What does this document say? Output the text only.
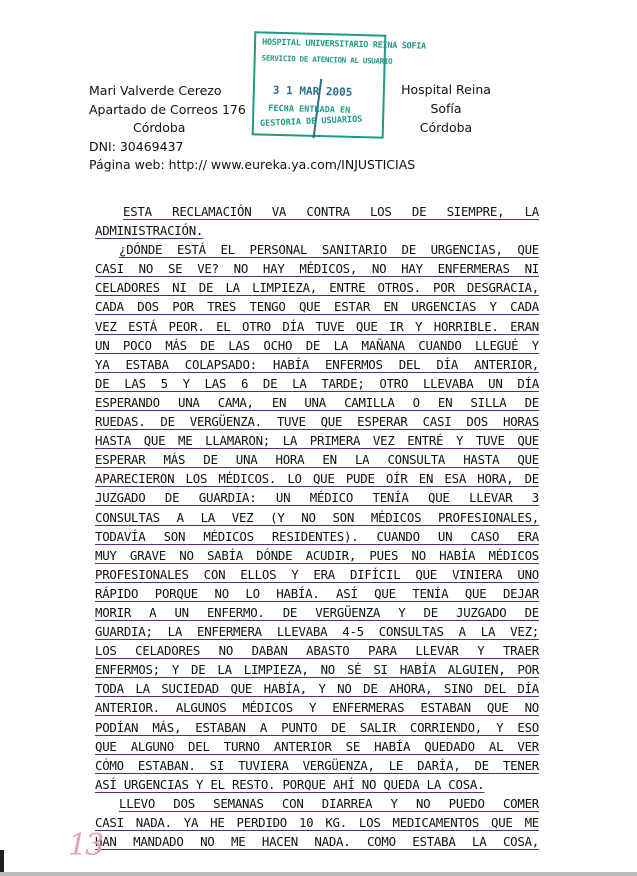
Mari Valverde Cerezo
Apartado de Correos 176
Córdoba
DNI: 30469437
Página web: http:// www.eureka.ya.com/INJUSTICIAS
Hospital Reina Sofía
Córdoba
HOSPITAL UNIVERSITARIO REINA SOFIA
SERVICIO DE ATENCION AL USUARIO
3 1 MAR 2005
FECHA ENTRADA EN
GESTORIA DE USUARIOS
ESTA RECLAMACIÓN VA CONTRA LOS DE SIEMPRE, LA
ADMINISTRACIÓN.
¿DÓNDE ESTÁ EL PERSONAL SANITARIO DE URGENCIAS, QUE
CASI NO SE VE? NO HAY MÉDICOS, NO HAY ENFERMERAS NI
CELADORES NI DE LA LIMPIEZA, ENTRE OTROS. POR DESGRACIA,
CADA DOS POR TRES TENGO QUE ESTAR EN URGENCIAS Y CADA
VEZ ESTÁ PEOR. EL OTRO DÍA TUVE QUE IR Y HORRIBLE. ERAN
UN POCO MÁS DE LAS OCHO DE LA MAÑANA CUANDO LLEGUÉ Y
YA ESTABA COLAPSADO: HABÍA ENFERMOS DEL DÍA ANTERIOR,
DE LAS 5 Y LAS 6 DE LA TARDE; OTRO LLEVABA UN DÍA
ESPERANDO UNA CAMA, EN UNA CAMILLA O EN SILLA DE
RUEDAS. DE VERGÜENZA. TUVE QUE ESPERAR CASI DOS HORAS
HASTA QUE ME LLAMARON; LA PRIMERA VEZ ENTRÉ Y TUVE QUE
ESPERAR MÁS DE UNA HORA EN LA CONSULTA HASTA QUE
APARECIERON LOS MÉDICOS. LO QUE PUDE OÍR EN ESA HORA, DE
JUZGADO DE GUARDIA: UN MÉDICO TENÍA QUE LLEVAR 3
CONSULTAS A LA VEZ (Y NO SON MÉDICOS PROFESIONALES,
TODAVÍA SON MÉDICOS RESIDENTES). CUANDO UN CASO ERA
MUY GRAVE NO SABÍA DÓNDE ACUDIR, PUES NO HABÍA MÉDICOS
PROFESIONALES CON ELLOS Y ERA DIFÍCIL QUE VINIERA UNO
RÁPIDO PORQUE NO LO HABÍA. ASÍ QUE TENÍA QUE DEJAR
MORIR A UN ENFERMO. DE VERGÜENZA Y DE JUZGADO DE
GUARDIA; LA ENFERMERA LLEVABA 4-5 CONSULTAS A LA VEZ;
LOS CELADORES NO DABAN ABASTO PARA LLEVAR Y TRAER
ENFERMOS; Y DE LA LIMPIEZA, NO SÉ SI HABÍA ALGUIEN, POR
TODA LA SUCIEDAD QUE HABÍA, Y NO DE AHORA, SINO DEL DÍA
ANTERIOR. ALGUNOS MÉDICOS Y ENFERMERAS ESTABAN QUE NO
PODÍAN MÁS, ESTABAN A PUNTO DE SALIR CORRIENDO, Y ESO
QUE ALGUNO DEL TURNO ANTERIOR SE HABÍA QUEDADO AL VER
CÓMO ESTABAN. SI TUVIERA VERGÜENZA, LE DARÍA, DE TENER
ASÍ URGENCIAS Y EL RESTO. PORQUE AHÍ NO QUEDA LA COSA.
LLEVO DOS SEMANAS CON DIARREA Y NO PUEDO COMER
CASI NADA. YA HE PERDIDO 10 KG. LOS MEDICAMENTOS QUE ME
HAN MANDADO NO ME HACEN NADA. COMO ESTABA LA COSA,
13
